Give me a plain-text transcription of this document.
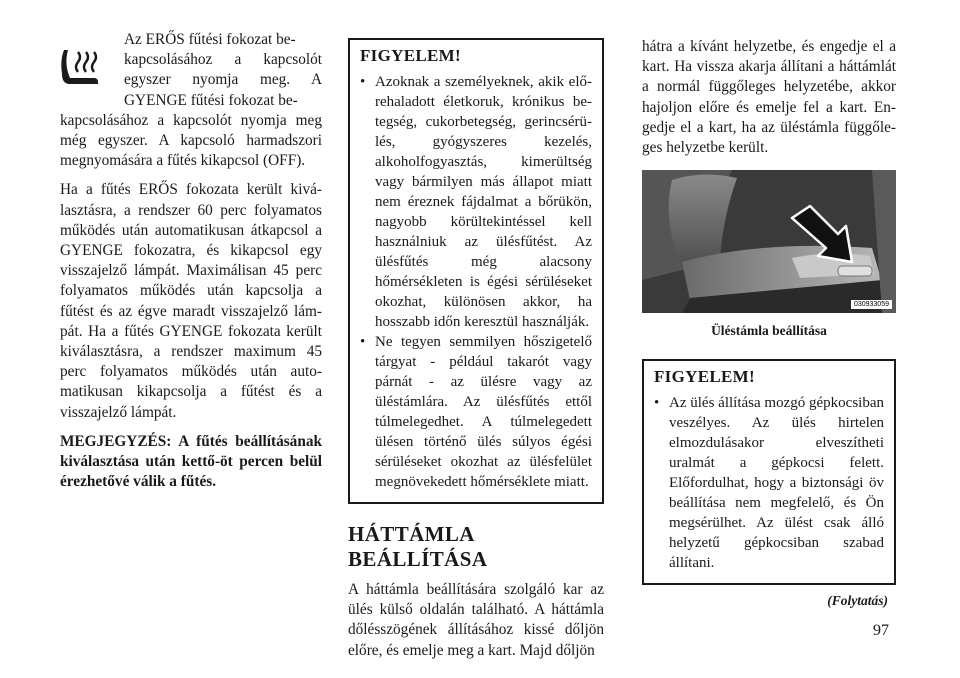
Az ERŐS fűtési fokozat be-

kapcsolásához a kapcsolót

egyszer nyomja meg. A

GYENGE fűtési fokozat be-

kapcsolásához a kapcsolót nyomja meg még egyszer. A kapcsoló harmadszori megnyomására a fűtés kikapcsol (OFF).

Ha a fűtés ERŐS fokozata került kiválasztásra, a rendszer 60 perc folyamatos működés után automatikusan átkapcsol a GYENGE fokozatra, és kikapcsol egy visszajelző lámpát. Maximálisan 45 perc folyamatos működés után kapcsolja a fűtést és az égve maradt visszajelző lámpát. Ha a fűtés GYENGE fokozata került kiválasztásra, a rendszer maximum 45 perc folyamatos működés után automatikusan kikapcsolja a fűtést és a visszajelző lámpát.

MEGJEGYZÉS: A fűtés beállításának kiválasztása után kettő-öt percen belül érezhetővé válik a fűtés.

FIGYELEM!

• Azoknak a személyeknek, akik előrehaladott életkoruk, krónikus betegség, cukorbetegség, gerincsérülés, gyógyszeres kezelés, alkoholfogyasztás, kimerültség vagy bármilyen más állapot miatt nem éreznek fájdalmat a bőrükön, nagyobb körültekintéssel kell használniuk az ülésfűtést. Az ülésfűtés még alacsony hőmérsékleten is égési sérüléseket okozhat, különösen akkor, ha hosszabb időn keresztül használják.

• Ne tegyen semmilyen hőszigetelő tárgyat - például takarót vagy párnát - az ülésre vagy az üléstámlára. Az ülésfűtés ettől túlmelegedhet. A túlmelegedett ülésen történő ülés súlyos égési sérüléseket okozhat az ülésfelület megnövekedett hőmérséklete miatt.

HÁTTÁMLA BEÁLLÍTÁSA

A háttámla beállítására szolgáló kar az ülés külső oldalán található. A háttámla dőlésszögének állításához kissé dőljön előre, és emelje meg a kart. Majd dőljön

hátra a kívánt helyzetbe, és engedje el a kart. Ha vissza akarja állítani a háttámlát a normál függőleges helyzetébe, akkor hajoljon előre és emelje fel a kart. Engedje el a kart, ha az üléstámla függőleges helyzetbe került.

030933059
Üléstámla beállítása
FIGYELEM!

• Az ülés állítása mozgó gépkocsiban veszélyes. Az ülés hirtelen elmozdulásakor elveszítheti uralmát a gépkocsi felett. Előfordulhat, hogy a biztonsági öv beállítása nem megfelelő, és Ön megsérülhet. Az ülést csak álló helyzetű gépkocsiban szabad állítani.

(Folytatás)
97
